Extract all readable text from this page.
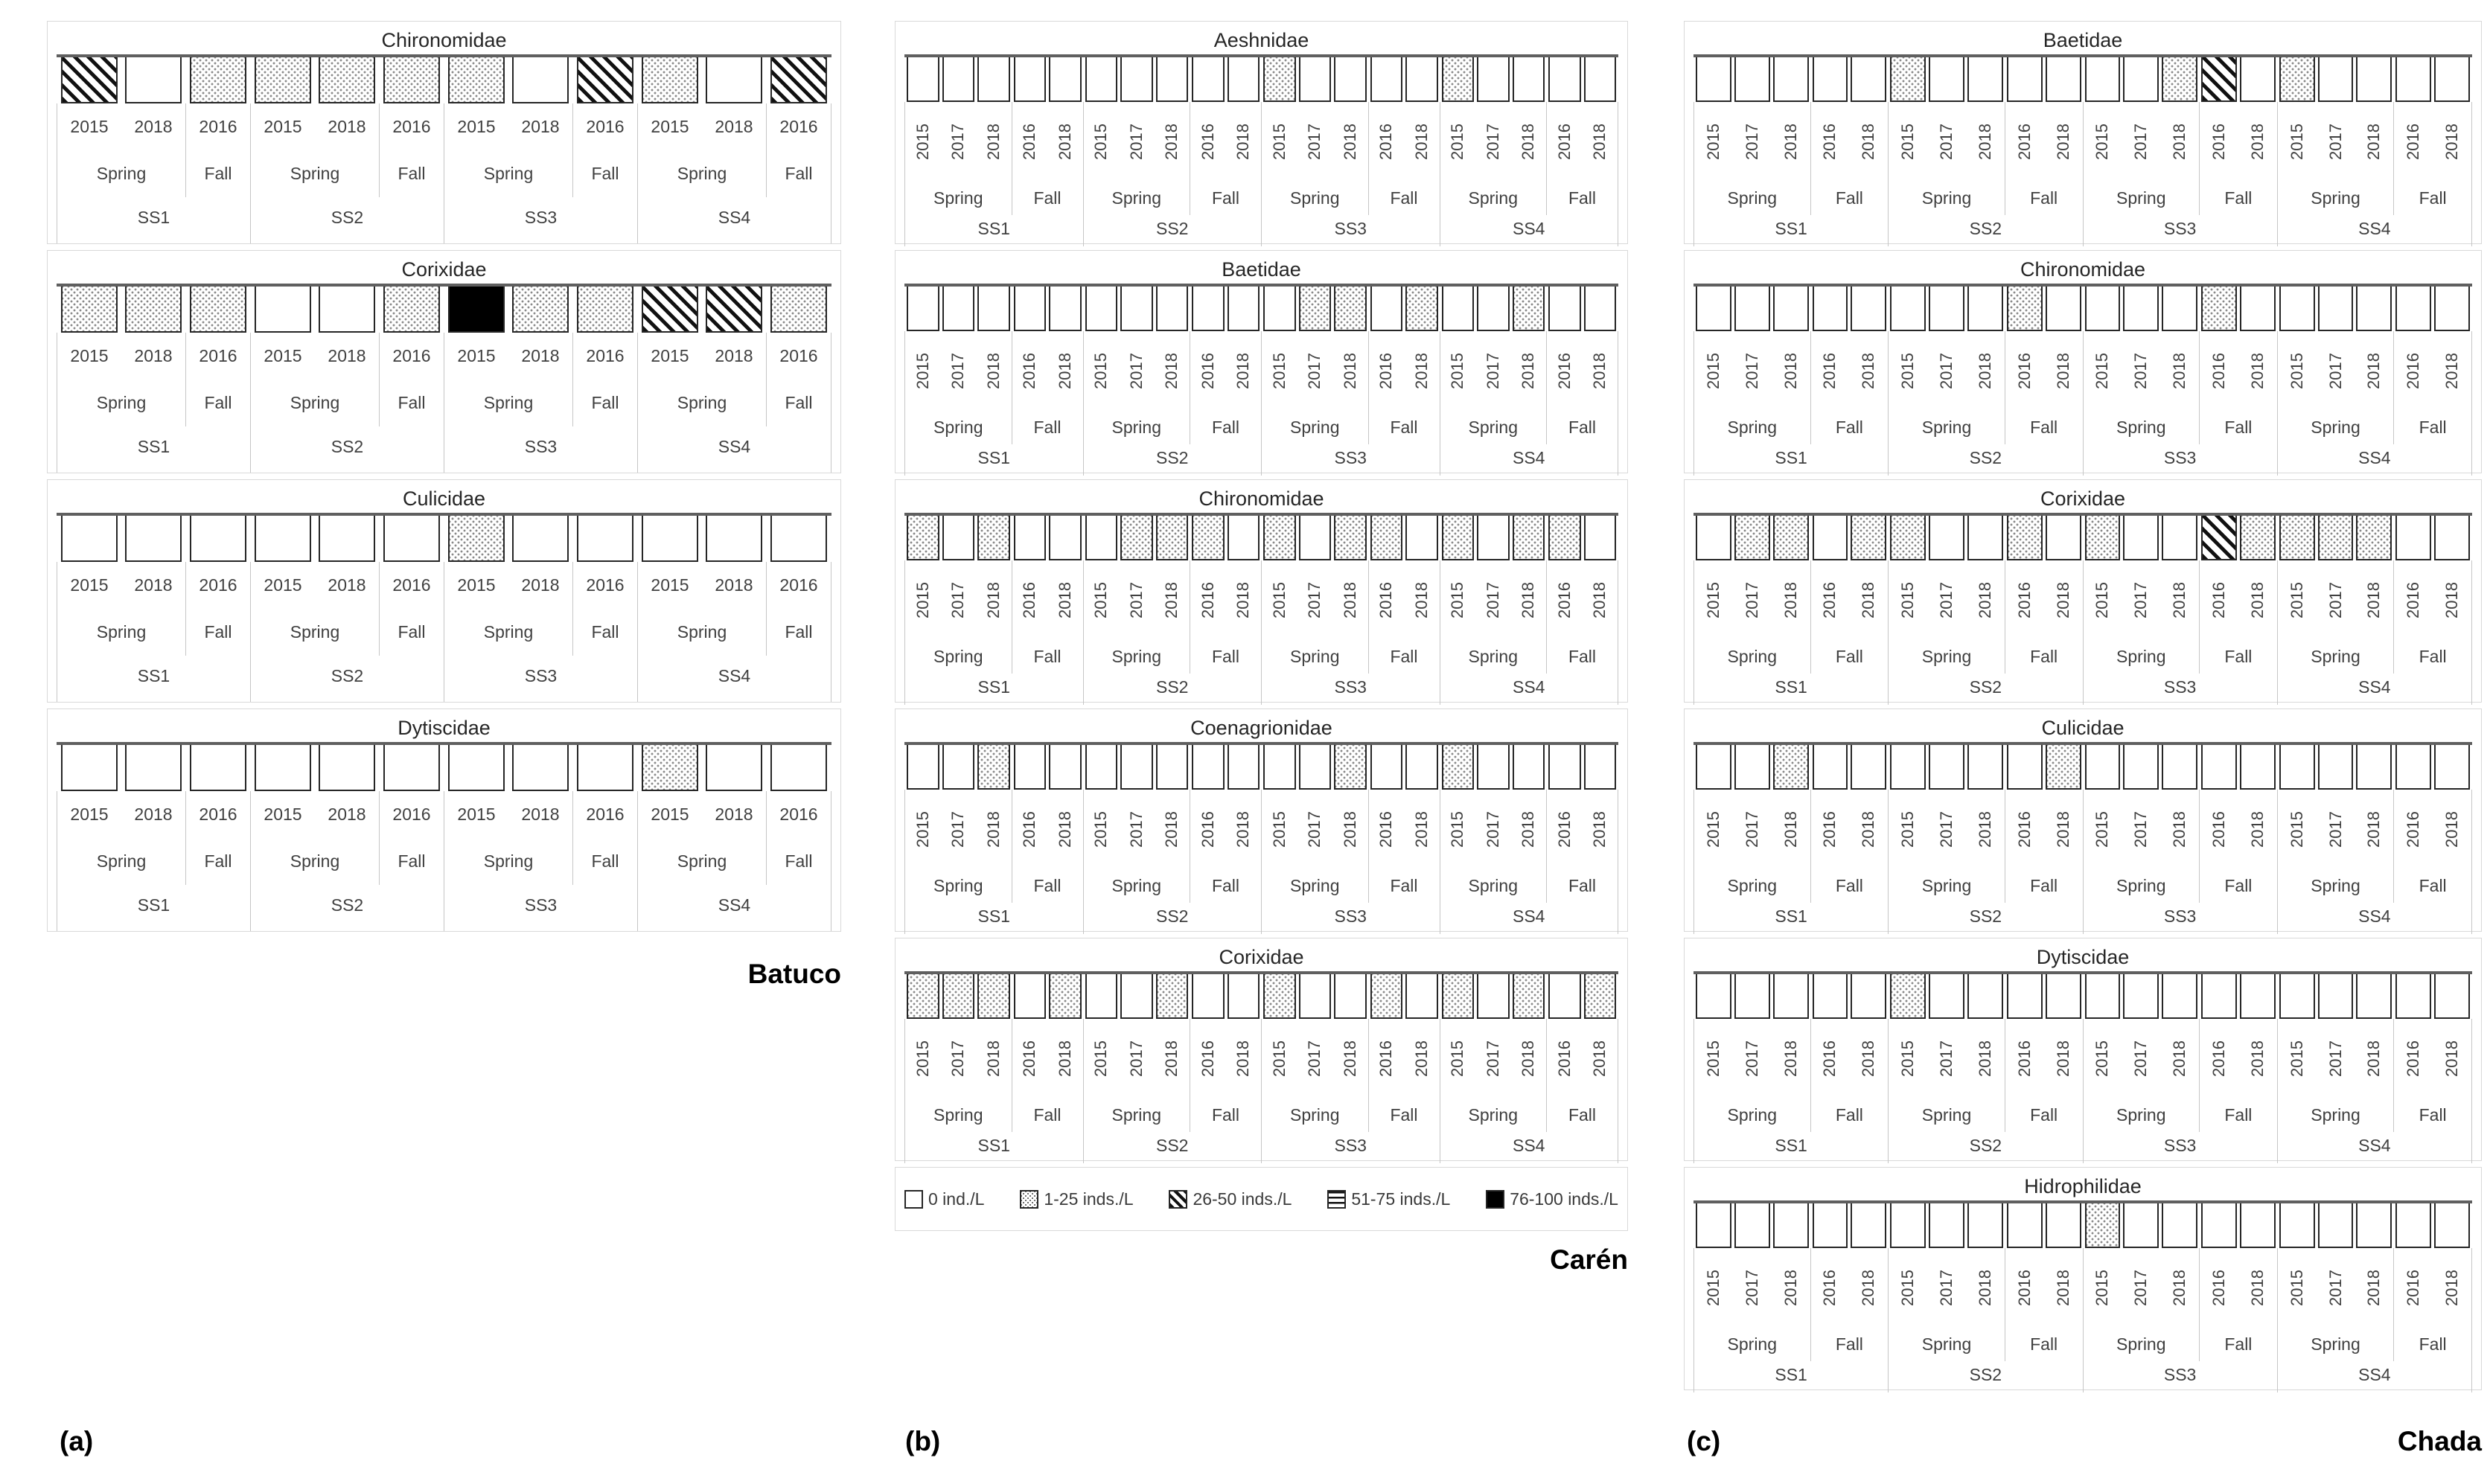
Chironomidae
2015 2018
Spring
2016
Fall
SS1
2015 2018
Spring
2016
Fall
SS2
2015 2018
Spring
2016
Fall
SS3
2015 2018
Spring
2016
Fall
SS4
Corixidae
2015 2018
Spring
2016
Fall
SS1
2015 2018
Spring
2016
Fall
SS2
2015 2018
Spring
2016
Fall
SS3
2015 2018
Spring
2016
Fall
SS4
Culicidae
2015 2018
Spring
2016
Fall
SS1
2015 2018
Spring
2016
Fall
SS2
2015 2018
Spring
2016
Fall
SS3
2015 2018
Spring
2016
Fall
SS4
Dytiscidae
2015 2018
Spring
2016
Fall
SS1
2015 2018
Spring
2016
Fall
SS2
2015 2018
Spring
2016
Fall
SS3
2015 2018
Spring
2016
Fall
SS4
Batuco
(a)
Aeshnidae
2015 2017 2018
Spring
2016 2018
Fall
SS1
2015 2017 2018
Spring
2016 2018
Fall
SS2
2015 2017 2018
Spring
2016 2018
Fall
SS3
2015 2017 2018
Spring
2016 2018
Fall
SS4
Baetidae
2015 2017 2018
Spring
2016 2018
Fall
SS1
2015 2017 2018
Spring
2016 2018
Fall
SS2
2015 2017 2018
Spring
2016 2018
Fall
SS3
2015 2017 2018
Spring
2016 2018
Fall
SS4
Chironomidae
2015 2017 2018
Spring
2016 2018
Fall
SS1
2015 2017 2018
Spring
2016 2018
Fall
SS2
2015 2017 2018
Spring
2016 2018
Fall
SS3
2015 2017 2018
Spring
2016 2018
Fall
SS4
Coenagrionidae
2015 2017 2018
Spring
2016 2018
Fall
SS1
2015 2017 2018
Spring
2016 2018
Fall
SS2
2015 2017 2018
Spring
2016 2018
Fall
SS3
2015 2017 2018
Spring
2016 2018
Fall
SS4
Corixidae
2015 2017 2018
Spring
2016 2018
Fall
SS1
2015 2017 2018
Spring
2016 2018
Fall
SS2
2015 2017 2018
Spring
2016 2018
Fall
SS3
2015 2017 2018
Spring
2016 2018
Fall
SS4
0 ind./L	1-25 inds./L	26-50 inds./L	51-75 inds./L	76-100 inds./L
Carén
(b)
Baetidae
2015 2017 2018
Spring
2016 2018
Fall
SS1
2015 2017 2018
Spring
2016 2018
Fall
SS2
2015 2017 2018
Spring
2016 2018
Fall
SS3
2015 2017 2018
Spring
2016 2018
Fall
SS4
Chironomidae
2015 2017 2018
Spring
2016 2018
Fall
SS1
2015 2017 2018
Spring
2016 2018
Fall
SS2
2015 2017 2018
Spring
2016 2018
Fall
SS3
2015 2017 2018
Spring
2016 2018
Fall
SS4
Corixidae
2015 2017 2018
Spring
2016 2018
Fall
SS1
2015 2017 2018
Spring
2016 2018
Fall
SS2
2015 2017 2018
Spring
2016 2018
Fall
SS3
2015 2017 2018
Spring
2016 2018
Fall
SS4
Culicidae
2015 2017 2018
Spring
2016 2018
Fall
SS1
2015 2017 2018
Spring
2016 2018
Fall
SS2
2015 2017 2018
Spring
2016 2018
Fall
SS3
2015 2017 2018
Spring
2016 2018
Fall
SS4
Dytiscidae
2015 2017 2018
Spring
2016 2018
Fall
SS1
2015 2017 2018
Spring
2016 2018
Fall
SS2
2015 2017 2018
Spring
2016 2018
Fall
SS3
2015 2017 2018
Spring
2016 2018
Fall
SS4
Hidrophilidae
2015 2017 2018
Spring
2016 2018
Fall
SS1
2015 2017 2018
Spring
2016 2018
Fall
SS2
2015 2017 2018
Spring
2016 2018
Fall
SS3
2015 2017 2018
Spring
2016 2018
Fall
SS4
Chada
(c)
